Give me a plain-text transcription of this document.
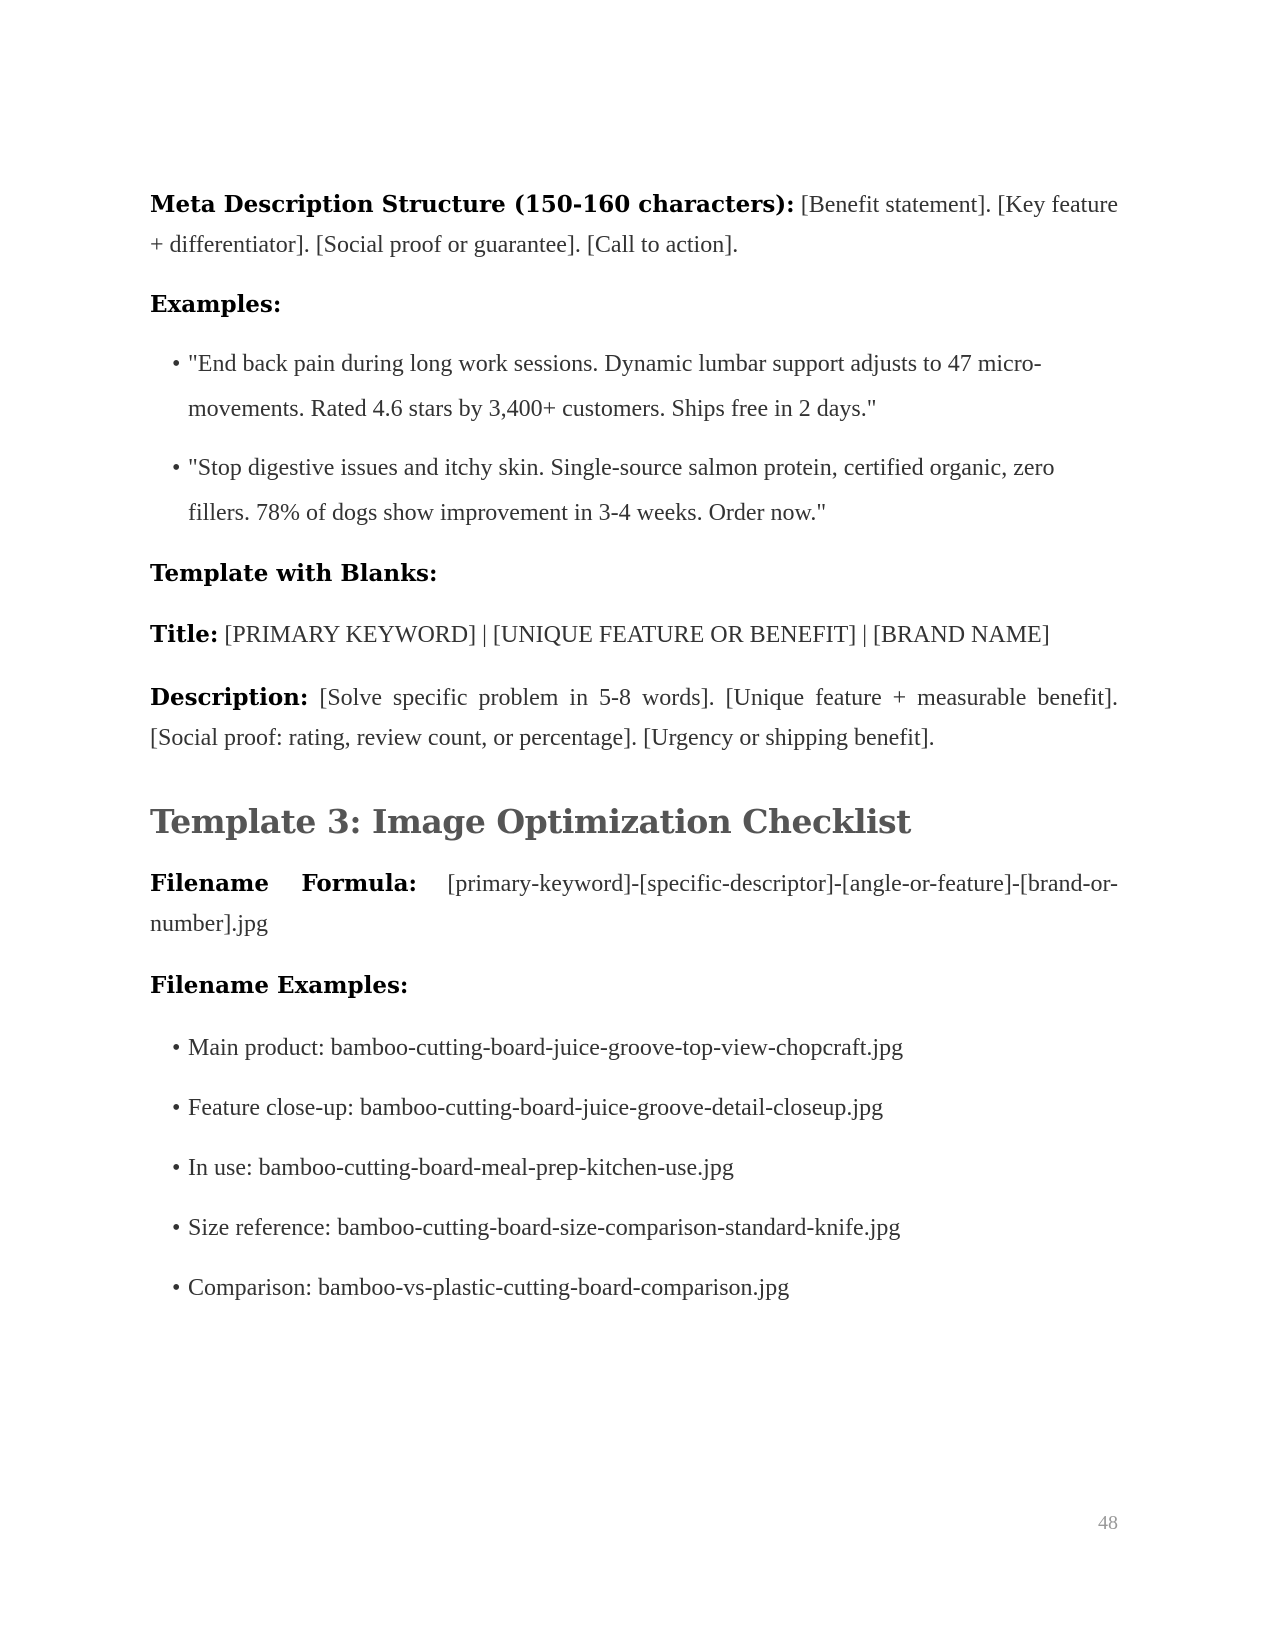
Meta Description Structure (150-160 characters): [Benefit statement]. [Key feature + differentiator]. [Social proof or guarantee]. [Call to action].

Examples:

• "End back pain during long work sessions. Dynamic lumbar support adjusts to 47 micro-movements. Rated 4.6 stars by 3,400+ customers. Ships free in 2 days."
• "Stop digestive issues and itchy skin. Single-source salmon protein, certified organic, zero fillers. 78% of dogs show improvement in 3-4 weeks. Order now."

Template with Blanks:

Title: [PRIMARY KEYWORD] | [UNIQUE FEATURE OR BENEFIT] | [BRAND NAME]

Description: [Solve specific problem in 5-8 words]. [Unique feature + measurable benefit]. [Social proof: rating, review count, or percentage]. [Urgency or shipping benefit].

Template 3: Image Optimization Checklist

Filename Formula: [primary-keyword]-[specific-descriptor]-[angle-or-feature]-[brand-or-number].jpg

Filename Examples:

• Main product: bamboo-cutting-board-juice-groove-top-view-chopcraft.jpg
• Feature close-up: bamboo-cutting-board-juice-groove-detail-closeup.jpg
• In use: bamboo-cutting-board-meal-prep-kitchen-use.jpg
• Size reference: bamboo-cutting-board-size-comparison-standard-knife.jpg
• Comparison: bamboo-vs-plastic-cutting-board-comparison.jpg
48
